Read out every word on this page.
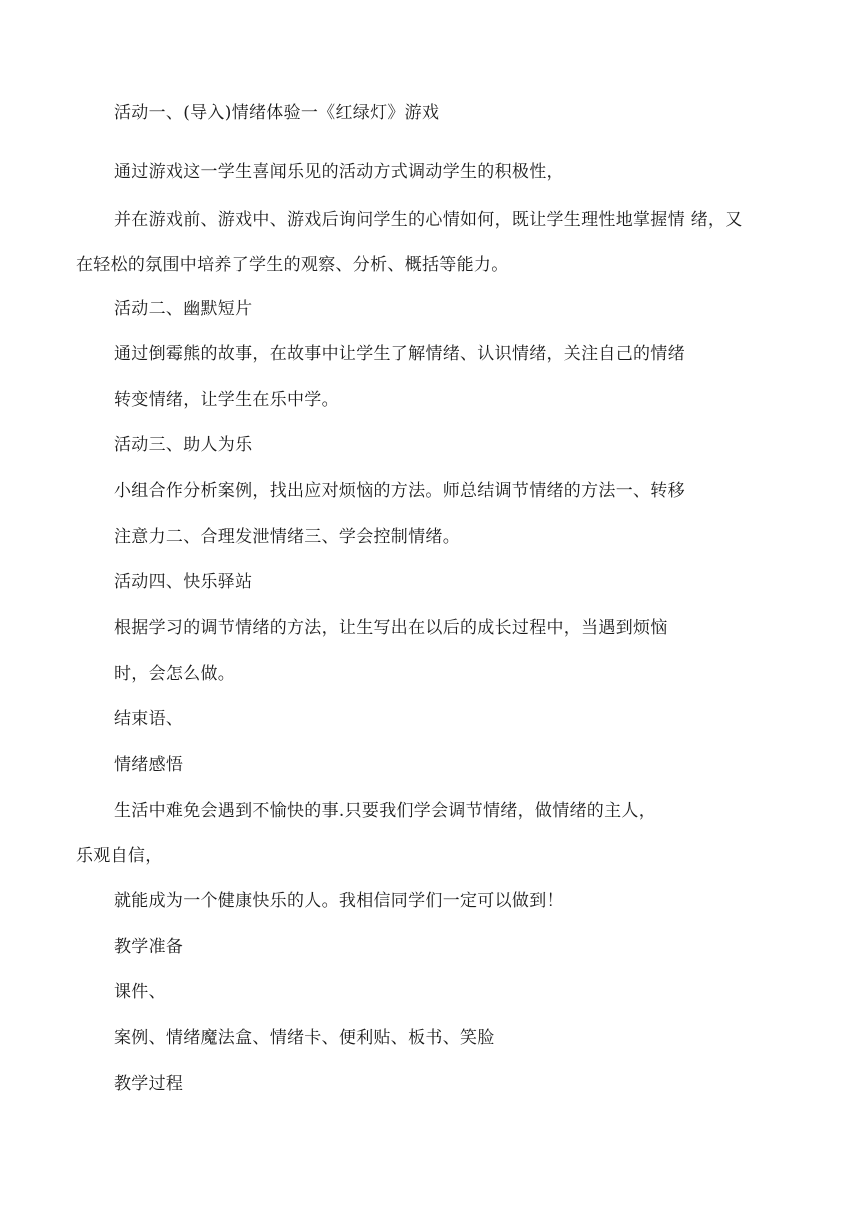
活动一、(导入)情绪体验一《红绿灯》游戏
通过游戏这一学生喜闻乐见的活动方式调动学生的积极性，
并在游戏前、游戏中、游戏后询问学生的心情如何，既让学生理性地掌握情 绪，又
在轻松的氛围中培养了学生的观察、分析、概括等能力。
活动二、幽默短片
通过倒霉熊的故事，在故事中让学生了解情绪、认识情绪，关注自己的情绪
转变情绪，让学生在乐中学。
活动三、助人为乐
小组合作分析案例，找出应对烦恼的方法。师总结调节情绪的方法一、转移
注意力二、合理发泄情绪三、学会控制情绪。
活动四、快乐驿站
根据学习的调节情绪的方法，让生写出在以后的成长过程中，当遇到烦恼
时，会怎么做。
结束语、
情绪感悟
生活中难免会遇到不愉快的事.只要我们学会调节情绪，做情绪的主人，
乐观自信，
就能成为一个健康快乐的人。我相信同学们一定可以做到！
教学准备
课件、
案例、情绪魔法盒、情绪卡、便利贴、板书、笑脸
教学过程
